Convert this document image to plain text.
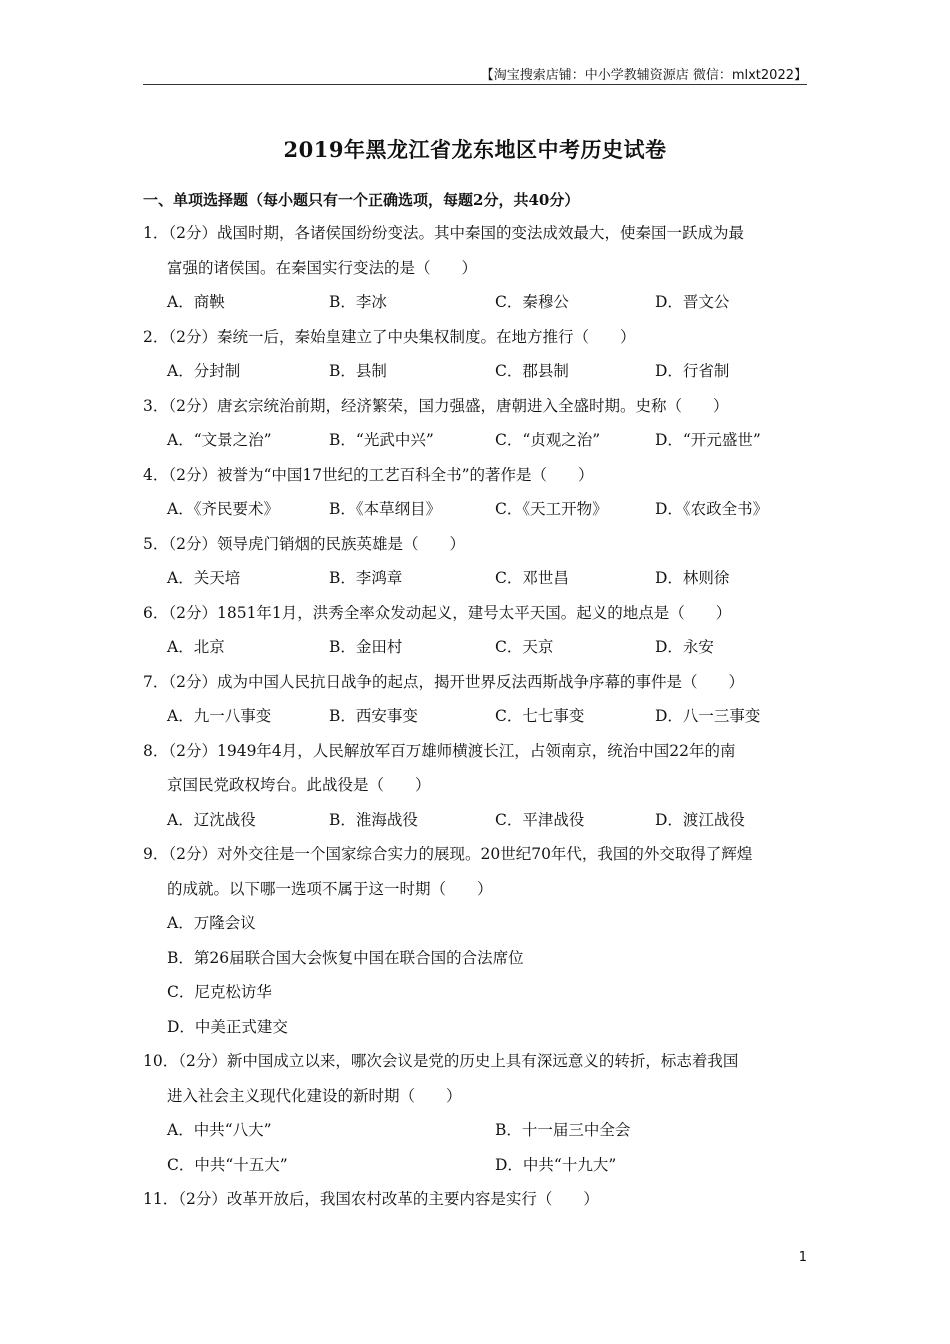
【淘宝搜索店铺：中小学教辅资源店 微信：mlxt2022】
2019年黑龙江省龙东地区中考历史试卷
一、单项选择题（每小题只有一个正确选项，每题2分，共40分）
1．（2分）战国时期，各诸侯国纷纷变法。其中秦国的变法成效最大，使秦国一跃成为最
富强的诸侯国。在秦国实行变法的是（　　）
A．商鞅	B．李冰	C．秦穆公	D．晋文公
2．（2分）秦统一后，秦始皇建立了中央集权制度。在地方推行（　　）
A．分封制	B．县制	C．郡县制	D．行省制
3．（2分）唐玄宗统治前期，经济繁荣，国力强盛，唐朝进入全盛时期。史称（　　）
A．“文景之治”	B．“光武中兴”	C．“贞观之治”	D．“开元盛世”
4．（2分）被誉为“中国17世纪的工艺百科全书”的著作是（　　）
A．《齐民要术》	B．《本草纲目》	C．《天工开物》	D．《农政全书》
5．（2分）领导虎门销烟的民族英雄是（　　）
A．关天培	B．李鸿章	C．邓世昌	D．林则徐
6．（2分）1851年1月，洪秀全率众发动起义，建号太平天国。起义的地点是（　　）
A．北京	B．金田村	C．天京	D．永安
7．（2分）成为中国人民抗日战争的起点，揭开世界反法西斯战争序幕的事件是（　　）
A．九一八事变	B．西安事变	C．七七事变	D．八一三事变
8．（2分）1949年4月，人民解放军百万雄师横渡长江，占领南京，统治中国22年的南
京国民党政权垮台。此战役是（　　）
A．辽沈战役	B．淮海战役	C．平津战役	D．渡江战役
9．（2分）对外交往是一个国家综合实力的展现。20世纪70年代，我国的外交取得了辉煌
的成就。以下哪一选项不属于这一时期（　　）
A．万隆会议
B．第26届联合国大会恢复中国在联合国的合法席位
C．尼克松访华
D．中美正式建交
10．（2分）新中国成立以来，哪次会议是党的历史上具有深远意义的转折，标志着我国
进入社会主义现代化建设的新时期（　　）
A．中共“八大”	B．十一届三中全会
C．中共“十五大”	D．中共“十九大”
11．（2分）改革开放后，我国农村改革的主要内容是实行（　　）
1
